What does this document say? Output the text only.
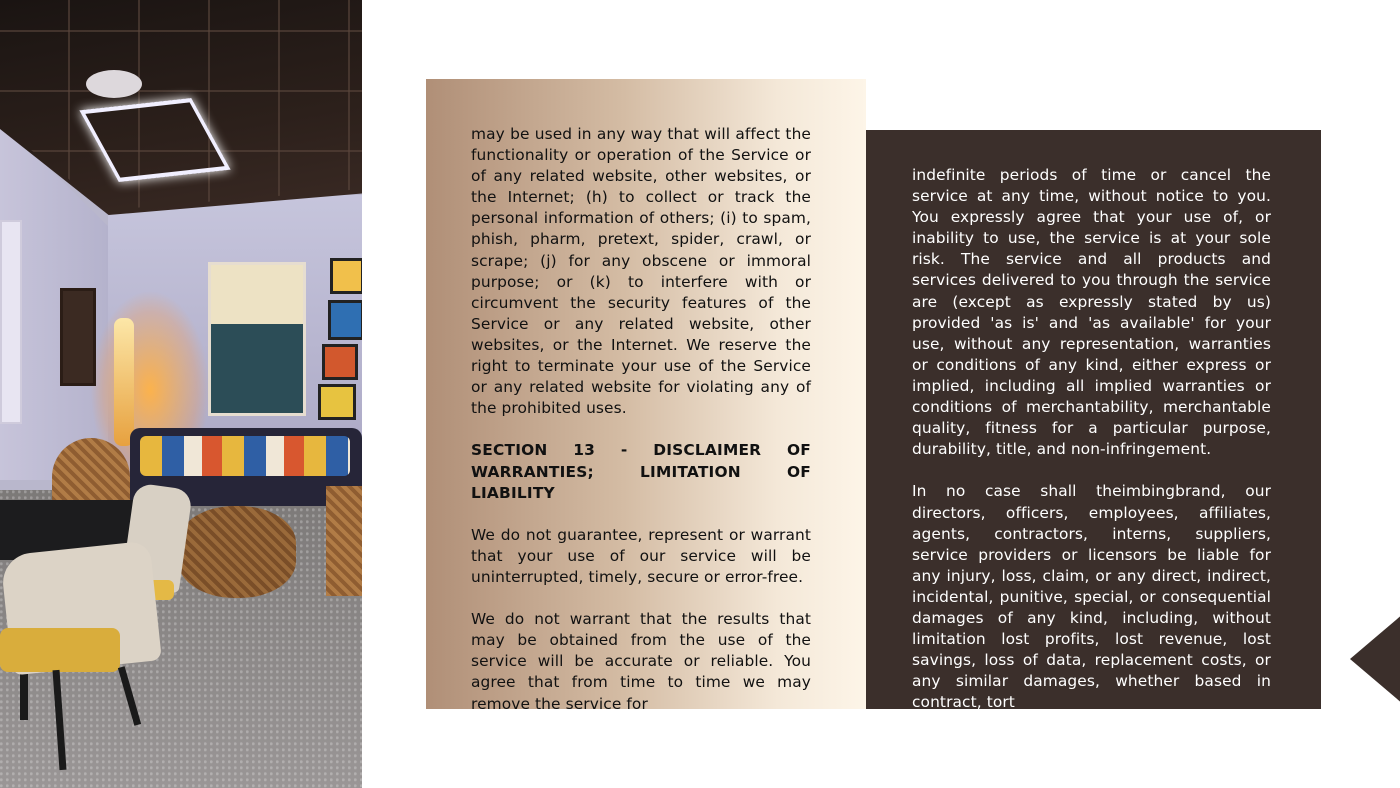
may be used in any way that will affect the functionality or operation of the Service or of any related website, other websites, or the Internet; (h) to collect or track the personal information of others; (i) to spam, phish, pharm, pretext, spider, crawl, or scrape; (j) for any obscene or immoral purpose; or (k) to interfere with or circumvent the security features of the Service or any related website, other websites, or the Internet. We reserve the right to terminate your use of the Service or any related website for violating any of the prohibited uses.

SECTION 13 - DISCLAIMER OF WARRANTIES; LIMITATION OF LIABILITY

We do not guarantee, represent or warrant that your use of our service will be uninterrupted, timely, secure or error-free.

We do not warrant that the results that may be obtained from the use of the service will be accurate or reliable. You agree that from time to time we may remove the service for

indefinite periods of time or cancel the service at any time, without notice to you. You expressly agree that your use of, or inability to use, the service is at your sole risk. The service and all products and services delivered to you through the service are (except as expressly stated by us) provided 'as is' and 'as available' for your use, without any representation, warranties or conditions of any kind, either express or implied, including all implied warranties or conditions of merchantability, merchantable quality, fitness for a particular purpose, durability, title, and non-infringement.

In no case shall theimbingbrand, our directors, officers, employees, affiliates, agents, contractors, interns, suppliers, service providers or licensors be liable for any injury, loss, claim, or any direct, indirect, incidental, punitive, special, or consequential damages of any kind, including, without limitation lost profits, lost revenue, lost savings, loss of data, replacement costs, or any similar damages, whether based in contract, tort
